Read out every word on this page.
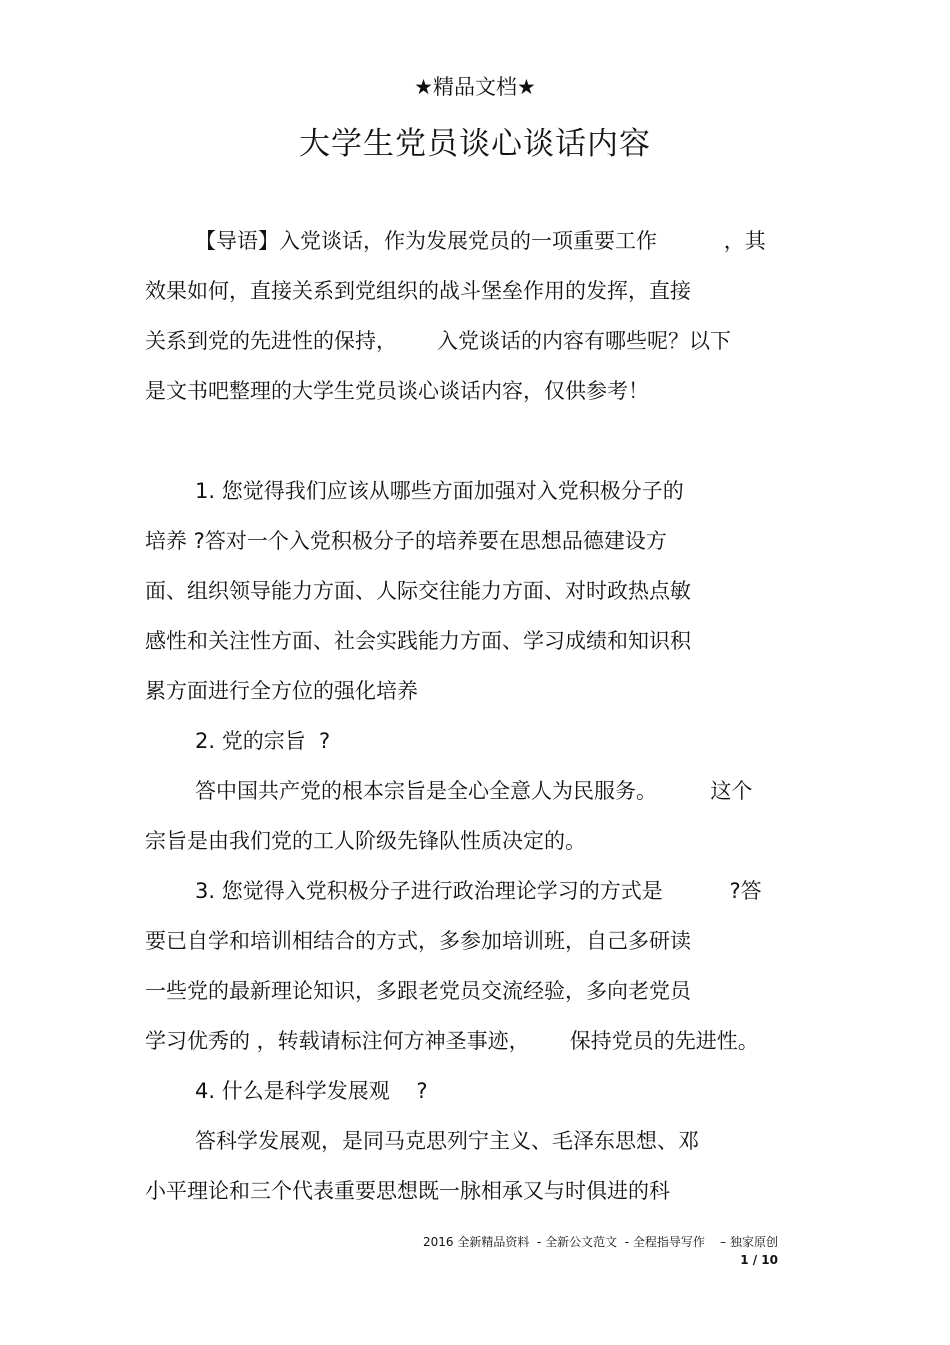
★精品文档★
大学生党员谈心谈话内容
【导语】入党谈话，作为发展党员的一项重要工作          ，其
效果如何，直接关系到党组织的战斗堡垒作用的发挥，直接
关系到党的先进性的保持，      入党谈话的内容有哪些呢？以下
是文书吧整理的大学生党员谈心谈话内容，仅供参考！
1. 您觉得我们应该从哪些方面加强对入党积极分子的
培养 ?答对一个入党积极分子的培养要在思想品德建设方
面、组织领导能力方面、人际交往能力方面、对时政热点敏
感性和关注性方面、社会实践能力方面、学习成绩和知识积
累方面进行全方位的强化培养
2. 党的宗旨  ?
答中国共产党的根本宗旨是全心全意人为民服务。        这个
宗旨是由我们党的工人阶级先锋队性质决定的。
3. 您觉得入党积极分子进行政治理论学习的方式是          ?答
要已自学和培训相结合的方式，多参加培训班，自己多研读
一些党的最新理论知识，多跟老党员交流经验，多向老党员
学习优秀的 ，转载请标注何方神圣事迹，      保持党员的先进性。
4. 什么是科学发展观    ?
答科学发展观，是同马克思列宁主义、毛泽东思想、邓
小平理论和三个代表重要思想既一脉相承又与时俱进的科
2016 全新精品资料  - 全新公文范文  - 全程指导写作    – 独家原创
1 / 10
